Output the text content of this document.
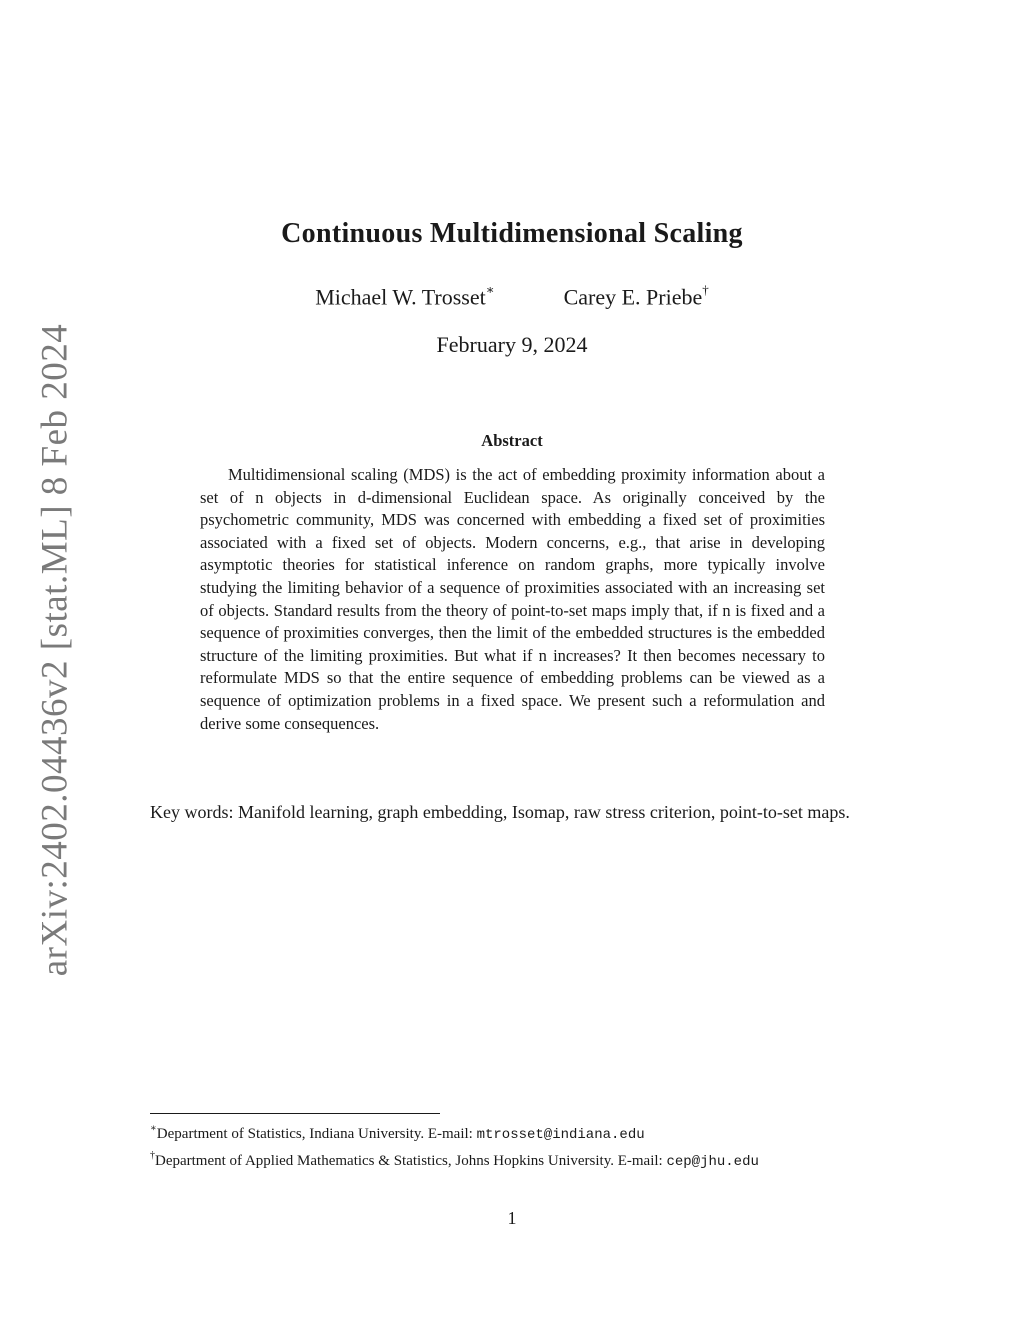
arXiv:2402.04436v2 [stat.ML] 8 Feb 2024
Continuous Multidimensional Scaling
Michael W. Trosset∗	Carey E. Priebe†
February 9, 2024
Abstract
Multidimensional scaling (MDS) is the act of embedding proximity information about a set of n objects in d-dimensional Euclidean space. As originally conceived by the psychometric community, MDS was concerned with embedding a fixed set of proximities associated with a fixed set of objects. Modern concerns, e.g., that arise in developing asymptotic theories for statistical inference on random graphs, more typically involve studying the limiting behavior of a sequence of proximities associated with an increasing set of objects. Standard results from the theory of point-to-set maps imply that, if n is fixed and a sequence of proximities converges, then the limit of the embedded structures is the embedded structure of the limiting proximities. But what if n increases? It then becomes necessary to reformulate MDS so that the entire sequence of embedding problems can be viewed as a sequence of optimization problems in a fixed space. We present such a reformulation and derive some consequences.
Key words: Manifold learning, graph embedding, Isomap, raw stress criterion, point-to-set maps.
∗Department of Statistics, Indiana University. E-mail: mtrosset@indiana.edu
†Department of Applied Mathematics & Statistics, Johns Hopkins University. E-mail: cep@jhu.edu
1
